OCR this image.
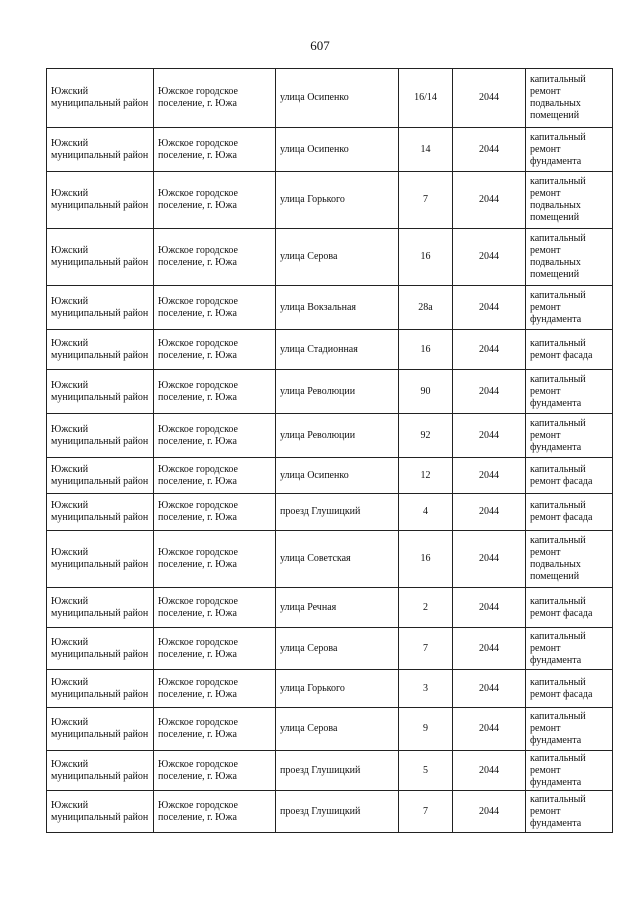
607
Южский муниципальный район	Южское городское поселение, г. Южа	улица Осипенко	16/14	2044	капитальный ремонт подвальных помещений
Южский муниципальный район	Южское городское поселение, г. Южа	улица Осипенко	14	2044	капитальный ремонт фундамента
Южский муниципальный район	Южское городское поселение, г. Южа	улица Горького	7	2044	капитальный ремонт подвальных помещений
Южский муниципальный район	Южское городское поселение, г. Южа	улица Серова	16	2044	капитальный ремонт подвальных помещений
Южский муниципальный район	Южское городское поселение, г. Южа	улица Вокзальная	28а	2044	капитальный ремонт фундамента
Южский муниципальный район	Южское городское поселение, г. Южа	улица Стадионная	16	2044	капитальный ремонт фасада
Южский муниципальный район	Южское городское поселение, г. Южа	улица Революции	90	2044	капитальный ремонт фундамента
Южский муниципальный район	Южское городское поселение, г. Южа	улица Революции	92	2044	капитальный ремонт фундамента
Южский муниципальный район	Южское городское поселение, г. Южа	улица Осипенко	12	2044	капитальный ремонт фасада
Южский муниципальный район	Южское городское поселение, г. Южа	проезд Глушицкий	4	2044	капитальный ремонт фасада
Южский муниципальный район	Южское городское поселение, г. Южа	улица Советская	16	2044	капитальный ремонт подвальных помещений
Южский муниципальный район	Южское городское поселение, г. Южа	улица Речная	2	2044	капитальный ремонт фасада
Южский муниципальный район	Южское городское поселение, г. Южа	улица Серова	7	2044	капитальный ремонт фундамента
Южский муниципальный район	Южское городское поселение, г. Южа	улица Горького	3	2044	капитальный ремонт фасада
Южский муниципальный район	Южское городское поселение, г. Южа	улица Серова	9	2044	капитальный ремонт фундамента
Южский муниципальный район	Южское городское поселение, г. Южа	проезд Глушицкий	5	2044	капитальный ремонт фундамента
Южский муниципальный район	Южское городское поселение, г. Южа	проезд Глушицкий	7	2044	капитальный ремонт фундамента
